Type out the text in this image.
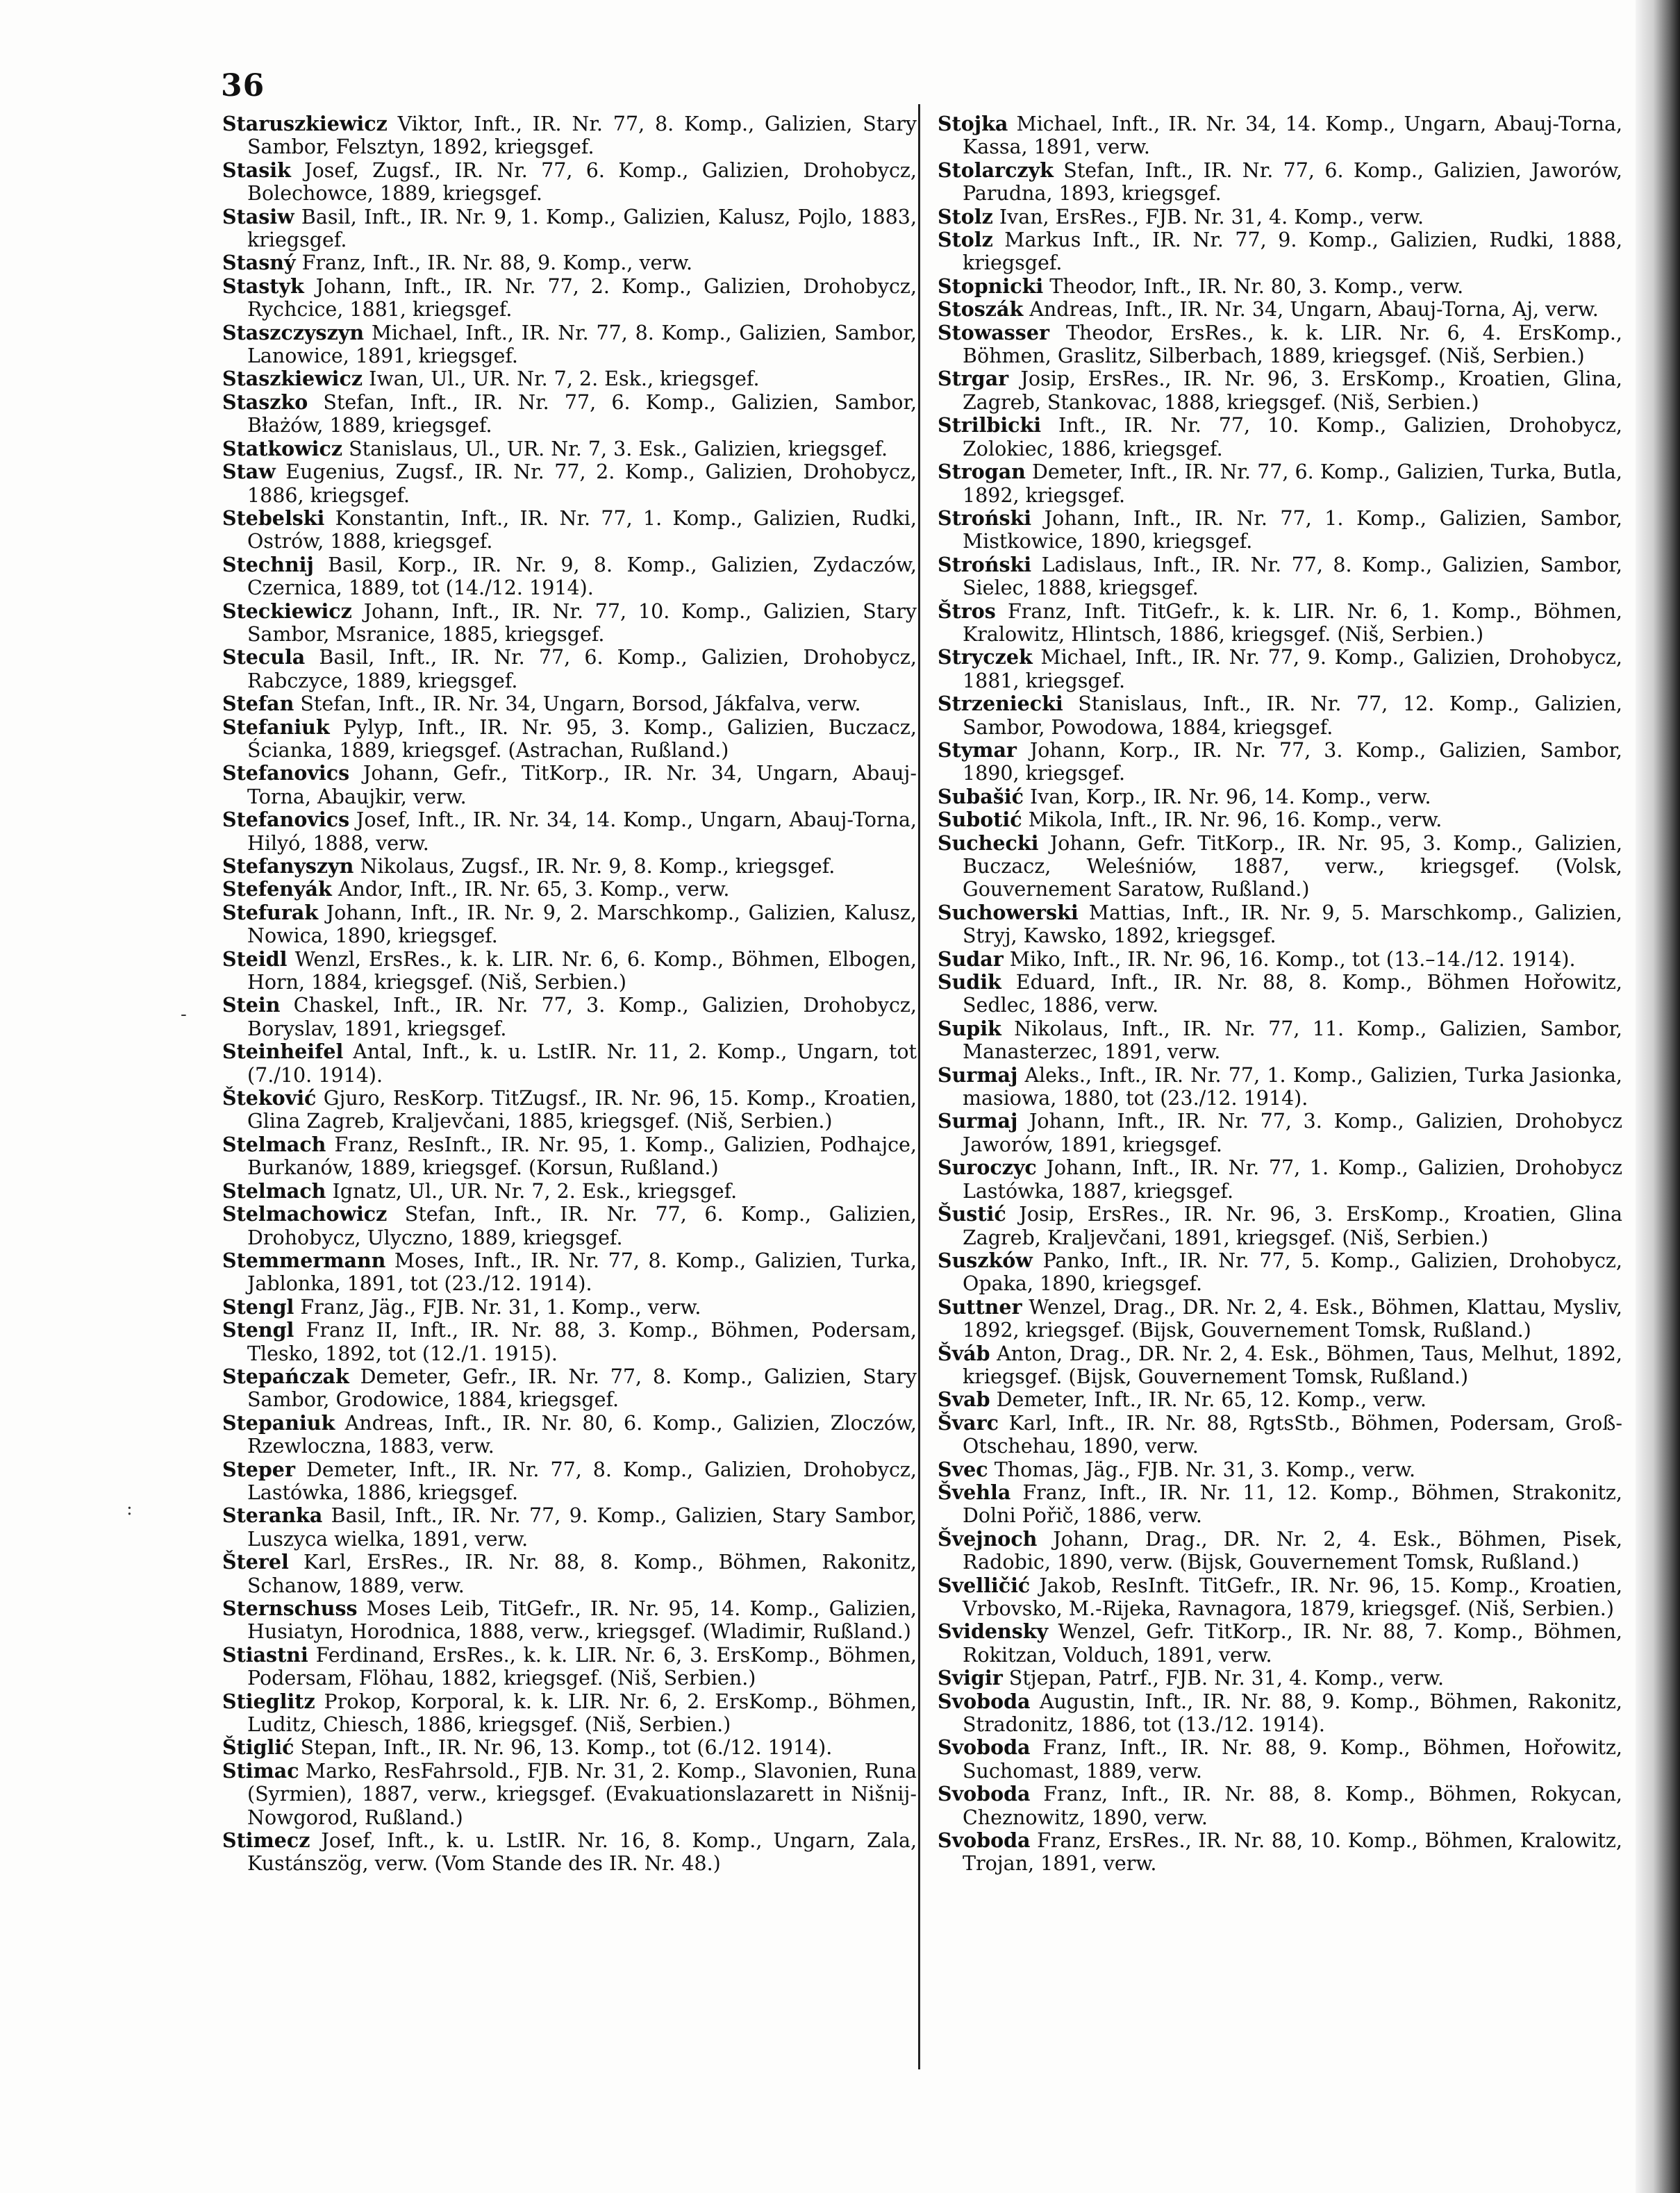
36

Staruszkiewicz Viktor, Inft., IR. Nr. 77, 8. Komp., Galizien, Stary Sambor, Felsztyn, 1892, kriegsgef.

Stasik Josef, Zugsf., IR. Nr. 77, 6. Komp., Galizien, Drohobycz, Bolechowce, 1889, kriegsgef.

Stasiw Basil, Inft., IR. Nr. 9, 1. Komp., Galizien, Kalusz, Pojlo, 1883, kriegsgef.

Stasný Franz, Inft., IR. Nr. 88, 9. Komp., verw.

Stastyk Johann, Inft., IR. Nr. 77, 2. Komp., Galizien, Drohobycz, Rychcice, 1881, kriegsgef.

Staszczyszyn Michael, Inft., IR. Nr. 77, 8. Komp., Galizien, Sambor, Lanowice, 1891, kriegsgef.

Staszkiewicz Iwan, Ul., UR. Nr. 7, 2. Esk., kriegsgef.

Staszko Stefan, Inft., IR. Nr. 77, 6. Komp., Galizien, Sambor, Błażów, 1889, kriegsgef.

Statkowicz Stanislaus, Ul., UR. Nr. 7, 3. Esk., Galizien, kriegsgef.

Staw Eugenius, Zugsf., IR. Nr. 77, 2. Komp., Galizien, Drohobycz, 1886, kriegsgef.

Stebelski Konstantin, Inft., IR. Nr. 77, 1. Komp., Galizien, Rudki, Ostrów, 1888, kriegsgef.

Stechnij Basil, Korp., IR. Nr. 9, 8. Komp., Galizien, Zydaczów, Czernica, 1889, tot (14./12. 1914).

Steckiewicz Johann, Inft., IR. Nr. 77, 10. Komp., Galizien, Stary Sambor, Msranice, 1885, kriegsgef.

Stecula Basil, Inft., IR. Nr. 77, 6. Komp., Galizien, Drohobycz, Rabczyce, 1889, kriegsgef.

Stefan Stefan, Inft., IR. Nr. 34, Ungarn, Borsod, Jákfalva, verw.

Stefaniuk Pylyp, Inft., IR. Nr. 95, 3. Komp., Galizien, Buczacz, Ścianka, 1889, kriegsgef. (Astrachan, Rußland.)

Stefanovics Johann, Gefr., TitKorp., IR. Nr. 34, Ungarn, Abauj-Torna, Abaujkir, verw.

Stefanovics Josef, Inft., IR. Nr. 34, 14. Komp., Ungarn, Abauj-Torna, Hilyó, 1888, verw.

Stefanyszyn Nikolaus, Zugsf., IR. Nr. 9, 8. Komp., kriegsgef.

Stefenyák Andor, Inft., IR. Nr. 65, 3. Komp., verw.

Stefurak Johann, Inft., IR. Nr. 9, 2. Marschkomp., Galizien, Kalusz, Nowica, 1890, kriegsgef.

Steidl Wenzl, ErsRes., k. k. LIR. Nr. 6, 6. Komp., Böhmen, Elbogen, Horn, 1884, kriegsgef. (Niš, Serbien.)

Stein Chaskel, Inft., IR. Nr. 77, 3. Komp., Galizien, Drohobycz, Boryslav, 1891, kriegsgef.

Steinheifel Antal, Inft., k. u. LstIR. Nr. 11, 2. Komp., Ungarn, tot (7./10. 1914).

Šteković Gjuro, ResKorp. TitZugsf., IR. Nr. 96, 15. Komp., Kroatien, Glina Zagreb, Kraljevčani, 1885, kriegsgef. (Niš, Serbien.)

Stelmach Franz, ResInft., IR. Nr. 95, 1. Komp., Galizien, Podhajce, Burkanów, 1889, kriegsgef. (Korsun, Rußland.)

Stelmach Ignatz, Ul., UR. Nr. 7, 2. Esk., kriegsgef.

Stelmachowicz Stefan, Inft., IR. Nr. 77, 6. Komp., Galizien, Drohobycz, Ulyczno, 1889, kriegsgef.

Stemmermann Moses, Inft., IR. Nr. 77, 8. Komp., Galizien, Turka, Jablonka, 1891, tot (23./12. 1914).

Stengl Franz, Jäg., FJB. Nr. 31, 1. Komp., verw.

Stengl Franz II, Inft., IR. Nr. 88, 3. Komp., Böhmen, Podersam, Tlesko, 1892, tot (12./1. 1915).

Stepańczak Demeter, Gefr., IR. Nr. 77, 8. Komp., Galizien, Stary Sambor, Grodowice, 1884, kriegsgef.

Stepaniuk Andreas, Inft., IR. Nr. 80, 6. Komp., Galizien, Zloczów, Rzewloczna, 1883, verw.

Steper Demeter, Inft., IR. Nr. 77, 8. Komp., Galizien, Drohobycz, Lastówka, 1886, kriegsgef.

Steranka Basil, Inft., IR. Nr. 77, 9. Komp., Galizien, Stary Sambor, Luszyca wielka, 1891, verw.

Šterel Karl, ErsRes., IR. Nr. 88, 8. Komp., Böhmen, Rakonitz, Schanow, 1889, verw.

Sternschuss Moses Leib, TitGefr., IR. Nr. 95, 14. Komp., Galizien, Husiatyn, Horodnica, 1888, verw., kriegsgef. (Wladimir, Rußland.)

Stiastni Ferdinand, ErsRes., k. k. LIR. Nr. 6, 3. ErsKomp., Böhmen, Podersam, Flöhau, 1882, kriegsgef. (Niš, Serbien.)

Stieglitz Prokop, Korporal, k. k. LIR. Nr. 6, 2. ErsKomp., Böhmen, Luditz, Chiesch, 1886, kriegsgef. (Niš, Serbien.)

Štiglić Stepan, Inft., IR. Nr. 96, 13. Komp., tot (6./12. 1914).

Stimac Marko, ResFahrsold., FJB. Nr. 31, 2. Komp., Slavonien, Runa (Syrmien), 1887, verw., kriegsgef. (Evakuationslazarett in Nišnij-Nowgorod, Rußland.)

Stimecz Josef, Inft., k. u. LstIR. Nr. 16, 8. Komp., Ungarn, Zala, Kustánszög, verw. (Vom Stande des IR. Nr. 48.)

Stojka Michael, Inft., IR. Nr. 34, 14. Komp., Ungarn, Abauj-Torna, Kassa, 1891, verw.

Stolarczyk Stefan, Inft., IR. Nr. 77, 6. Komp., Galizien, Jaworów, Parudna, 1893, kriegsgef.

Stolz Ivan, ErsRes., FJB. Nr. 31, 4. Komp., verw.

Stolz Markus Inft., IR. Nr. 77, 9. Komp., Galizien, Rudki, 1888, kriegsgef.

Stopnicki Theodor, Inft., IR. Nr. 80, 3. Komp., verw.

Stoszák Andreas, Inft., IR. Nr. 34, Ungarn, Abauj-Torna, Aj, verw.

Stowasser Theodor, ErsRes., k. k. LIR. Nr. 6, 4. ErsKomp., Böhmen, Graslitz, Silberbach, 1889, kriegsgef. (Niš, Serbien.)

Strgar Josip, ErsRes., IR. Nr. 96, 3. ErsKomp., Kroatien, Glina, Zagreb, Stankovac, 1888, kriegsgef. (Niš, Serbien.)

Strilbicki Inft., IR. Nr. 77, 10. Komp., Galizien, Drohobycz, Zolokiec, 1886, kriegsgef.

Strogan Demeter, Inft., IR. Nr. 77, 6. Komp., Galizien, Turka, Butla, 1892, kriegsgef.

Stroński Johann, Inft., IR. Nr. 77, 1. Komp., Galizien, Sambor, Mistkowice, 1890, kriegsgef.

Stroński Ladislaus, Inft., IR. Nr. 77, 8. Komp., Galizien, Sambor, Sielec, 1888, kriegsgef.

Štros Franz, Inft. TitGefr., k. k. LIR. Nr. 6, 1. Komp., Böhmen, Kralowitz, Hlintsch, 1886, kriegsgef. (Niš, Serbien.)

Stryczek Michael, Inft., IR. Nr. 77, 9. Komp., Galizien, Drohobycz, 1881, kriegsgef.

Strzeniecki Stanislaus, Inft., IR. Nr. 77, 12. Komp., Galizien, Sambor, Powodowa, 1884, kriegsgef.

Stymar Johann, Korp., IR. Nr. 77, 3. Komp., Galizien, Sambor, 1890, kriegsgef.

Subašić Ivan, Korp., IR. Nr. 96, 14. Komp., verw.

Subotić Mikola, Inft., IR. Nr. 96, 16. Komp., verw.

Suchecki Johann, Gefr. TitKorp., IR. Nr. 95, 3. Komp., Galizien, Buczacz, Weleśniów, 1887, verw., kriegsgef. (Volsk, Gouvernement Saratow, Rußland.)

Suchowerski Mattias, Inft., IR. Nr. 9, 5. Marschkomp., Galizien, Stryj, Kawsko, 1892, kriegsgef.

Sudar Miko, Inft., IR. Nr. 96, 16. Komp., tot (13.–14./12. 1914).

Sudik Eduard, Inft., IR. Nr. 88, 8. Komp., Böhmen Hořowitz, Sedlec, 1886, verw.

Supik Nikolaus, Inft., IR. Nr. 77, 11. Komp., Galizien, Sambor, Manasterzec, 1891, verw.

Surmaj Aleks., Inft., IR. Nr. 77, 1. Komp., Galizien, Turka Jasionka, masiowa, 1880, tot (23./12. 1914).

Surmaj Johann, Inft., IR. Nr. 77, 3. Komp., Galizien, Drohobycz Jaworów, 1891, kriegsgef.

Suroczyc Johann, Inft., IR. Nr. 77, 1. Komp., Galizien, Drohobycz Lastówka, 1887, kriegsgef.

Šustić Josip, ErsRes., IR. Nr. 96, 3. ErsKomp., Kroatien, Glina Zagreb, Kraljevčani, 1891, kriegsgef. (Niš, Serbien.)

Suszków Panko, Inft., IR. Nr. 77, 5. Komp., Galizien, Drohobycz, Opaka, 1890, kriegsgef.

Suttner Wenzel, Drag., DR. Nr. 2, 4. Esk., Böhmen, Klattau, Mysliv, 1892, kriegsgef. (Bijsk, Gouvernement Tomsk, Rußland.)

Šváb Anton, Drag., DR. Nr. 2, 4. Esk., Böhmen, Taus, Melhut, 1892, kriegsgef. (Bijsk, Gouvernement Tomsk, Rußland.)

Svab Demeter, Inft., IR. Nr. 65, 12. Komp., verw.

Švarc Karl, Inft., IR. Nr. 88, RgtsStb., Böhmen, Podersam, Groß-Otschehau, 1890, verw.

Svec Thomas, Jäg., FJB. Nr. 31, 3. Komp., verw.

Švehla Franz, Inft., IR. Nr. 11, 12. Komp., Böhmen, Strakonitz, Dolni Pořič, 1886, verw.

Švejnoch Johann, Drag., DR. Nr. 2, 4. Esk., Böhmen, Pisek, Radobic, 1890, verw. (Bijsk, Gouvernement Tomsk, Rußland.)

Svelličić Jakob, ResInft. TitGefr., IR. Nr. 96, 15. Komp., Kroatien, Vrbovsko, M.-Rijeka, Ravnagora, 1879, kriegsgef. (Niš, Serbien.)

Svidensky Wenzel, Gefr. TitKorp., IR. Nr. 88, 7. Komp., Böhmen, Rokitzan, Volduch, 1891, verw.

Svigir Stjepan, Patrf., FJB. Nr. 31, 4. Komp., verw.

Svoboda Augustin, Inft., IR. Nr. 88, 9. Komp., Böhmen, Rakonitz, Stradonitz, 1886, tot (13./12. 1914).

Svoboda Franz, Inft., IR. Nr. 88, 9. Komp., Böhmen, Hořowitz, Suchomast, 1889, verw.

Svoboda Franz, Inft., IR. Nr. 88, 8. Komp., Böhmen, Rokycan, Cheznowitz, 1890, verw.

Svoboda Franz, ErsRes., IR. Nr. 88, 10. Komp., Böhmen, Kralowitz, Trojan, 1891, verw.

-
:
